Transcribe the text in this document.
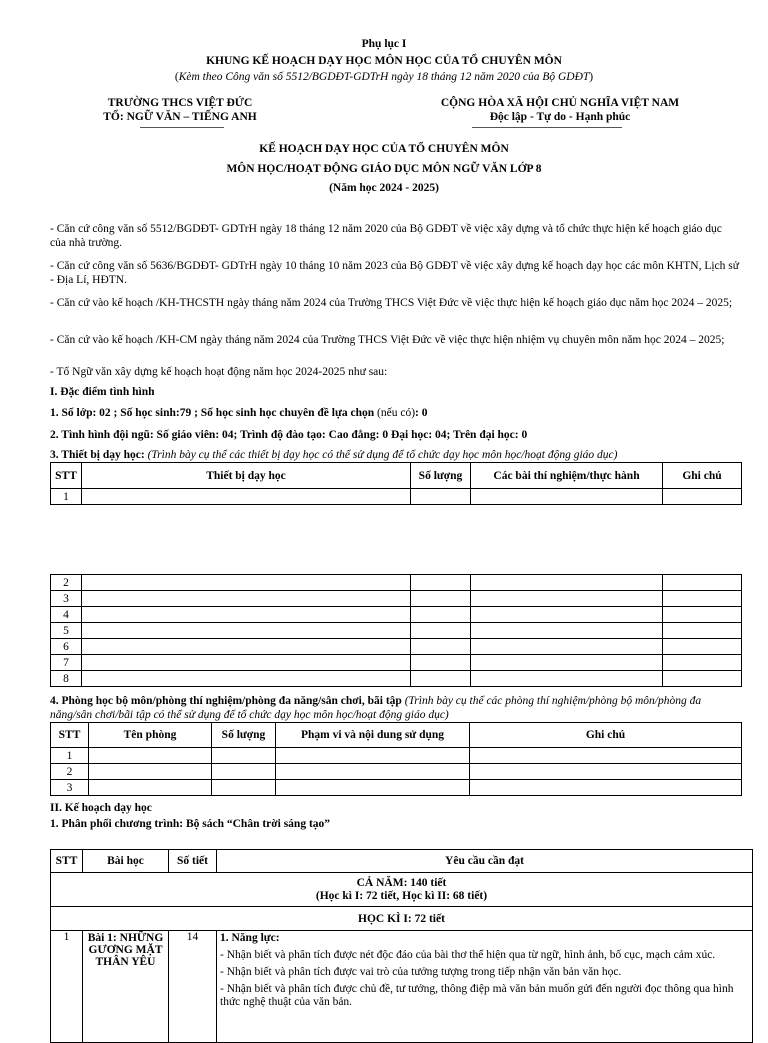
Phụ lục I
KHUNG KẾ HOẠCH DẠY HỌC MÔN HỌC CỦA TỔ CHUYÊN MÔN
(Kèm theo Công văn số 5512/BGDĐT-GDTrH ngày 18 tháng 12 năm 2020 của Bộ GDĐT)
TRƯỜNG THCS VIỆT ĐỨC
TỔ: NGỮ VĂN – TIẾNG ANH
CỘNG HÒA XÃ HỘI CHỦ NGHĨA VIỆT NAM
Độc lập - Tự do - Hạnh phúc
KẾ HOẠCH DẠY HỌC CỦA TỔ CHUYÊN MÔN
MÔN HỌC/HOẠT ĐỘNG GIÁO DỤC MÔN NGỮ VĂN LỚP 8
(Năm học 2024 - 2025)
- Căn cứ công văn số 5512/BGDĐT- GDTrH ngày 18 tháng 12 năm 2020 của Bộ GDĐT về việc xây dựng và tổ chức thực hiện kế hoạch giáo dục của nhà trường.
- Căn cứ công văn số 5636/BGDĐT- GDTrH ngày 10 tháng 10 năm 2023 của Bộ GDĐT về việc xây dựng kế hoạch dạy học các môn KHTN, Lịch sử - Địa Lí, HĐTN.
- Căn cứ vào kế hoạch /KH-THCSTH ngày tháng năm 2024 của Trường THCS Việt Đức về việc thực hiện kế hoạch giáo dục năm học 2024 – 2025;
- Căn cứ vào kế hoạch /KH-CM ngày tháng năm 2024 của Trường THCS Việt Đức về việc thực hiện nhiệm vụ chuyên môn năm học 2024 – 2025;
- Tổ Ngữ văn xây dựng kế hoạch hoạt động năm học 2024-2025 như sau:
I. Đặc điểm tình hình
1. Số lớp: 02 ; Số học sinh:79 ; Số học sinh học chuyên đề lựa chọn (nếu có): 0
2. Tình hình đội ngũ: Số giáo viên: 04; Trình độ đào tạo: Cao đẳng: 0 Đại học: 04; Trên đại học: 0
3. Thiết bị dạy học: (Trình bày cụ thể các thiết bị dạy học có thể sử dụng để tổ chức dạy học môn học/hoạt động giáo dục)
STT	Thiết bị dạy học	Số lượng	Các bài thí nghiệm/thực hành	Ghi chú
1				
2				
3				
4				
5				
6				
7				
8				
4. Phòng học bộ môn/phòng thí nghiệm/phòng đa năng/sân chơi, bãi tập (Trình bày cụ thể các phòng thí nghiệm/phòng bộ môn/phòng đa năng/sân chơi/bãi tập có thể sử dụng để tổ chức dạy học môn học/hoạt động giáo dục)
STT	Tên phòng	Số lượng	Phạm vi và nội dung sử dụng	Ghi chú
1				
2				
3				
II. Kế hoạch dạy học
1. Phân phối chương trình: Bộ sách “Chân trời sáng tạo”
STT	Bài học	Số tiết	Yêu cầu cần đạt

CẢ NĂM: 140 tiết
(Học kì I: 72 tiết, Học kì II: 68 tiết)			

HỌC KÌ I: 72 tiết			
1	Bài 1: NHỮNG GƯƠNG MẶT THÂN YÊU	14	1. Năng lực:

- Nhận biết và phân tích được nét độc đáo của bài thơ thể hiện qua từ ngữ, hình ảnh, bố cục, mạch cảm xúc.

- Nhận biết và phân tích được vai trò của tưởng tượng trong tiếp nhận văn bản văn học.

- Nhận biết và phân tích được chủ đề, tư tưởng, thông điệp mà văn bản muốn gửi đến người đọc thông qua hình thức nghệ thuật của văn bản.
